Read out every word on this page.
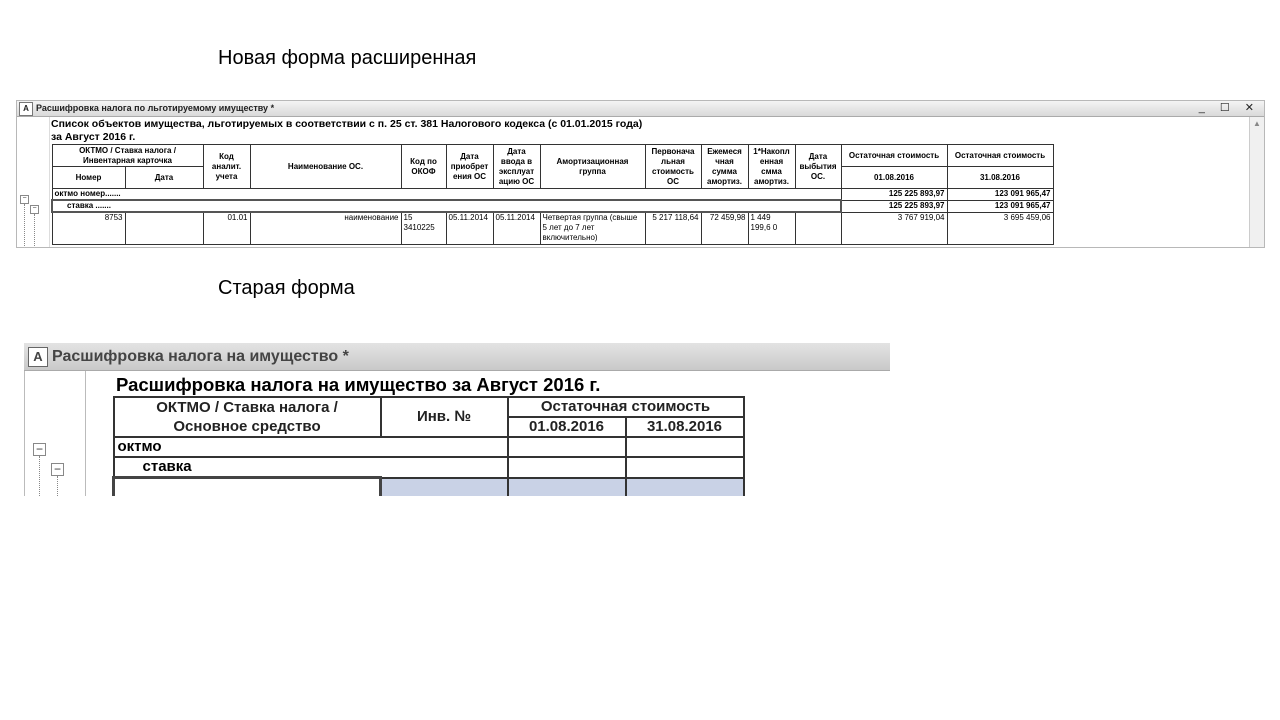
Новая форма расширенная
A Расшифровка налога по льготируемому имуществу *	_ ☐ ✕
−
−
▲
Список объектов имущества, льготируемых в соответствии с п. 25 ст. 381 Налогового кодекса (с 01.01.2015 года)
за Август 2016 г.
ОКТМО / Ставка налога /Инвентарная карточка		Код аналит. учета	Наименование ОС.	Код по ОКОФ	Дата приобрет ения ОС	Дата ввода в эксплуат ацию ОС	Амортизационная группа	Первонача льная стоимость ОС	Ежемеся чная сумма амортиз.	1*Накопл енная смма амортиз.	Дата выбытия ОС.	Остаточная стоимость	Остаточная стоимость
Номер	Дата											01.08.2016	31.08.2016
октмо номер.......												125 225 893,97	123 091 965,47
ставка .......												125 225 893,97	123 091 965,47
8753		01.01	наименование	15 3410225	05.11.2014	05.11.2014	Четвертая группа (свыше 5 лет до 7 лет включительно)	5 217 118,64	72 459,98	1 449 199,6 0		3 767 919,04	3 695 459,06
Старая форма
A Расшифровка налога на имущество *
−
−
Расшифровка налога на имущество за Август 2016 г.
ОКТМО / Ставка налога / Основное средство	Инв. №	Остаточная стоимость	
		01.08.2016	31.08.2016
октмо			
ставка			
